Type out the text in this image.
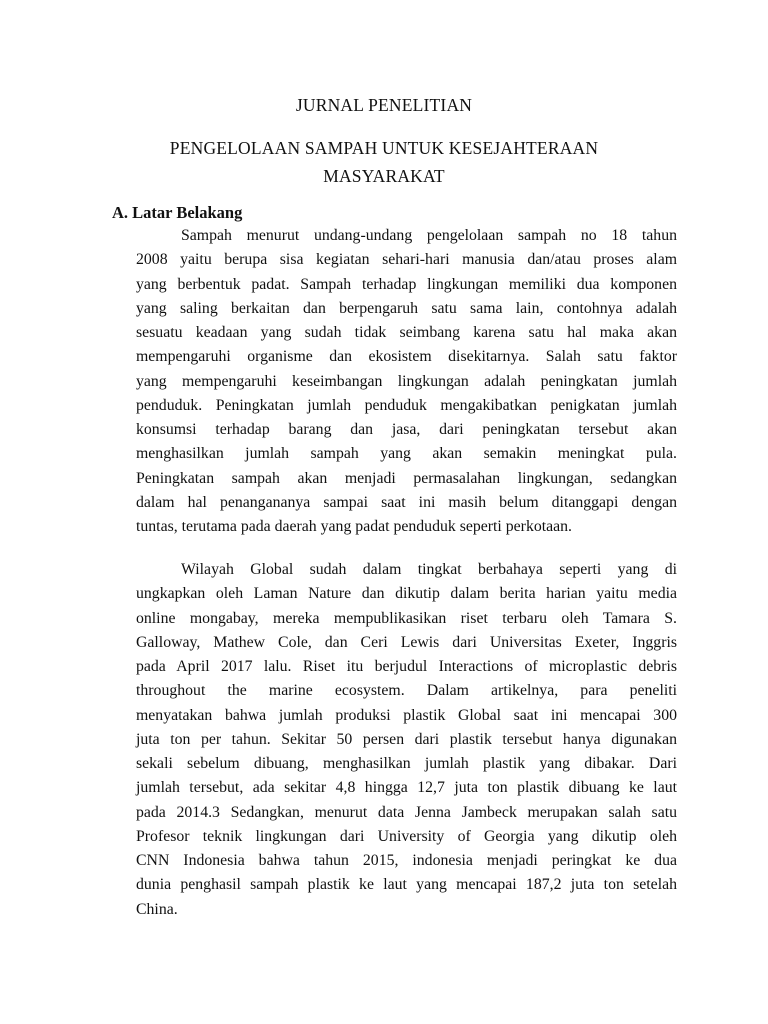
JURNAL PENELITIAN
PENGELOLAAN SAMPAH UNTUK KESEJAHTERAAN
MASYARAKAT
A. Latar Belakang
Sampah menurut undang-undang pengelolaan sampah no 18 tahun
2008 yaitu berupa sisa kegiatan sehari-hari manusia dan/atau proses alam
yang berbentuk padat. Sampah terhadap lingkungan memiliki dua komponen
yang saling berkaitan dan berpengaruh satu sama lain, contohnya adalah
sesuatu keadaan yang sudah tidak seimbang karena satu hal maka akan
mempengaruhi organisme dan ekosistem disekitarnya. Salah satu faktor
yang mempengaruhi keseimbangan lingkungan adalah peningkatan jumlah
penduduk. Peningkatan jumlah penduduk mengakibatkan penigkatan jumlah
konsumsi terhadap barang dan jasa, dari peningkatan tersebut akan
menghasilkan jumlah sampah yang akan semakin meningkat pula.
Peningkatan sampah akan menjadi permasalahan lingkungan, sedangkan
dalam hal penangananya sampai saat ini masih belum ditanggapi dengan
tuntas, terutama pada daerah yang padat penduduk seperti perkotaan.
Wilayah Global sudah dalam tingkat berbahaya seperti yang di
ungkapkan oleh Laman Nature dan dikutip dalam berita harian yaitu media
online mongabay, mereka mempublikasikan riset terbaru oleh Tamara S.
Galloway, Mathew Cole, dan Ceri Lewis dari Universitas Exeter, Inggris
pada April 2017 lalu. Riset itu berjudul Interactions of microplastic debris
throughout the marine ecosystem. Dalam artikelnya, para peneliti
menyatakan bahwa jumlah produksi plastik Global saat ini mencapai 300
juta ton per tahun. Sekitar 50 persen dari plastik tersebut hanya digunakan
sekali sebelum dibuang, menghasilkan jumlah plastik yang dibakar. Dari
jumlah tersebut, ada sekitar 4,8 hingga 12,7 juta ton plastik dibuang ke laut
pada 2014.3 Sedangkan, menurut data Jenna Jambeck merupakan salah satu
Profesor teknik lingkungan dari University of Georgia yang dikutip oleh
CNN Indonesia bahwa tahun 2015, indonesia menjadi peringkat ke dua
dunia penghasil sampah plastik ke laut yang mencapai 187,2 juta ton setelah
China.
